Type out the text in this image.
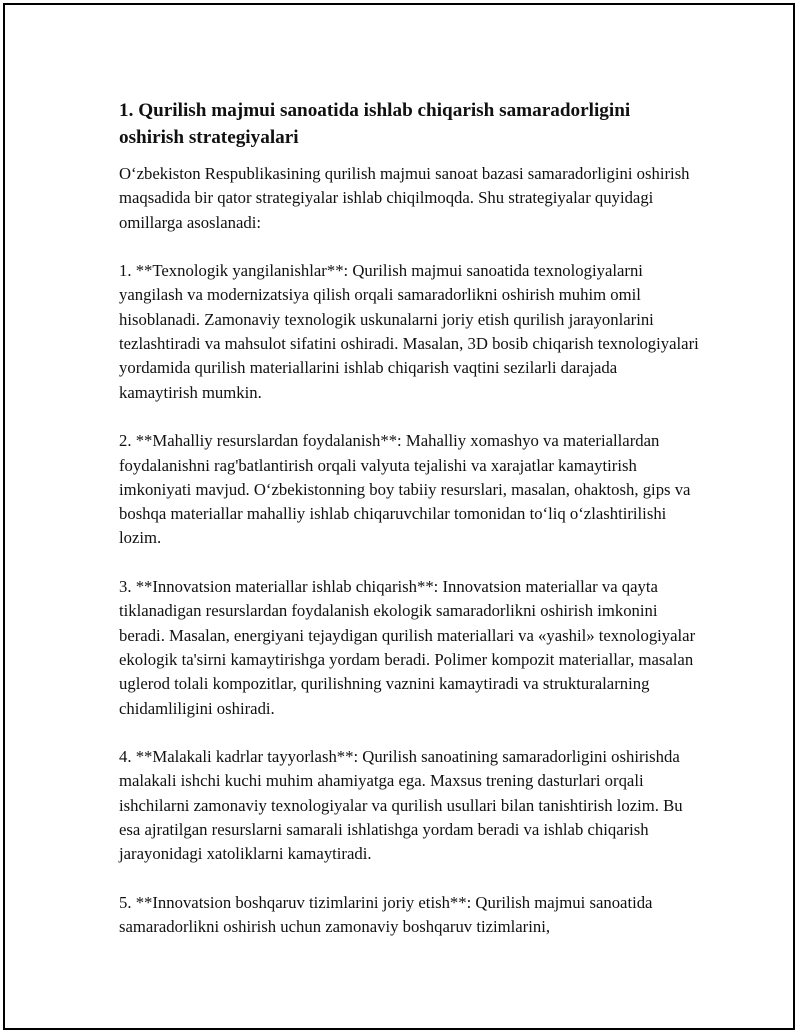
1. Qurilish majmui sanoatida ishlab chiqarish samaradorligini oshirish strategiyalari

O‘zbekiston Respublikasining qurilish majmui sanoat bazasi samaradorligini oshirish maqsadida bir qator strategiyalar ishlab chiqilmoqda. Shu strategiyalar quyidagi omillarga asoslanadi:

1. **Texnologik yangilanishlar**: Qurilish majmui sanoatida texnologiyalarni yangilash va modernizatsiya qilish orqali samaradorlikni oshirish muhim omil hisoblanadi. Zamonaviy texnologik uskunalarni joriy etish qurilish jarayonlarini tezlashtiradi va mahsulot sifatini oshiradi. Masalan, 3D bosib chiqarish texnologiyalari yordamida qurilish materiallarini ishlab chiqarish vaqtini sezilarli darajada kamaytirish mumkin.

2. **Mahalliy resurslardan foydalanish**: Mahalliy xomashyo va materiallardan foydalanishni rag'batlantirish orqali valyuta tejalishi va xarajatlar kamaytirish imkoniyati mavjud. O‘zbekistonning boy tabiiy resurslari, masalan, ohaktosh, gips va boshqa materiallar mahalliy ishlab chiqaruvchilar tomonidan to‘liq o‘zlashtirilishi lozim.

3. **Innovatsion materiallar ishlab chiqarish**: Innovatsion materiallar va qayta tiklanadigan resurslardan foydalanish ekologik samaradorlikni oshirish imkonini beradi. Masalan, energiyani tejaydigan qurilish materiallari va «yashil» texnologiyalar ekologik ta'sirni kamaytirishga yordam beradi. Polimer kompozit materiallar, masalan uglerod tolali kompozitlar, qurilishning vaznini kamaytiradi va strukturalarning chidamliligini oshiradi.

4. **Malakali kadrlar tayyorlash**: Qurilish sanoatining samaradorligini oshirishda malakali ishchi kuchi muhim ahamiyatga ega. Maxsus trening dasturlari orqali ishchilarni zamonaviy texnologiyalar va qurilish usullari bilan tanishtirish lozim. Bu esa ajratilgan resurslarni samarali ishlatishga yordam beradi va ishlab chiqarish jarayonidagi xatoliklarni kamaytiradi.

5. **Innovatsion boshqaruv tizimlarini joriy etish**: Qurilish majmui sanoatida samaradorlikni oshirish uchun zamonaviy boshqaruv tizimlarini,
